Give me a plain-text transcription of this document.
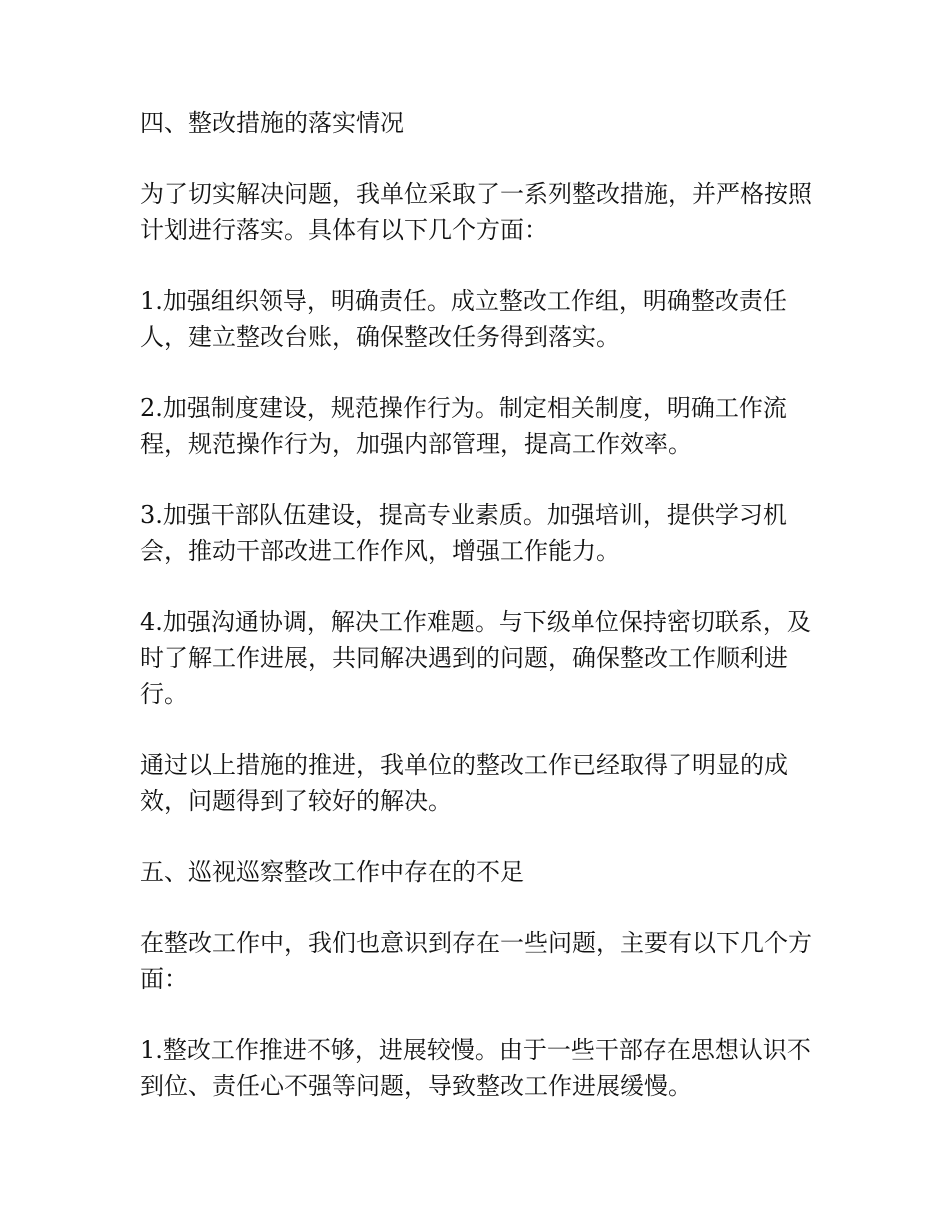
四、整改措施的落实情况

为了切实解决问题，我单位采取了一系列整改措施，并严格按照计划进行落实。具体有以下几个方面：

1.加强组织领导，明确责任。成立整改工作组，明确整改责任人，建立整改台账，确保整改任务得到落实。

2.加强制度建设，规范操作行为。制定相关制度，明确工作流程，规范操作行为，加强内部管理，提高工作效率。

3.加强干部队伍建设，提高专业素质。加强培训，提供学习机会，推动干部改进工作作风，增强工作能力。

4.加强沟通协调，解决工作难题。与下级单位保持密切联系，及时了解工作进展，共同解决遇到的问题，确保整改工作顺利进行。

通过以上措施的推进，我单位的整改工作已经取得了明显的成效，问题得到了较好的解决。

五、巡视巡察整改工作中存在的不足

在整改工作中，我们也意识到存在一些问题，主要有以下几个方面：

1.整改工作推进不够，进展较慢。由于一些干部存在思想认识不到位、责任心不强等问题，导致整改工作进展缓慢。
